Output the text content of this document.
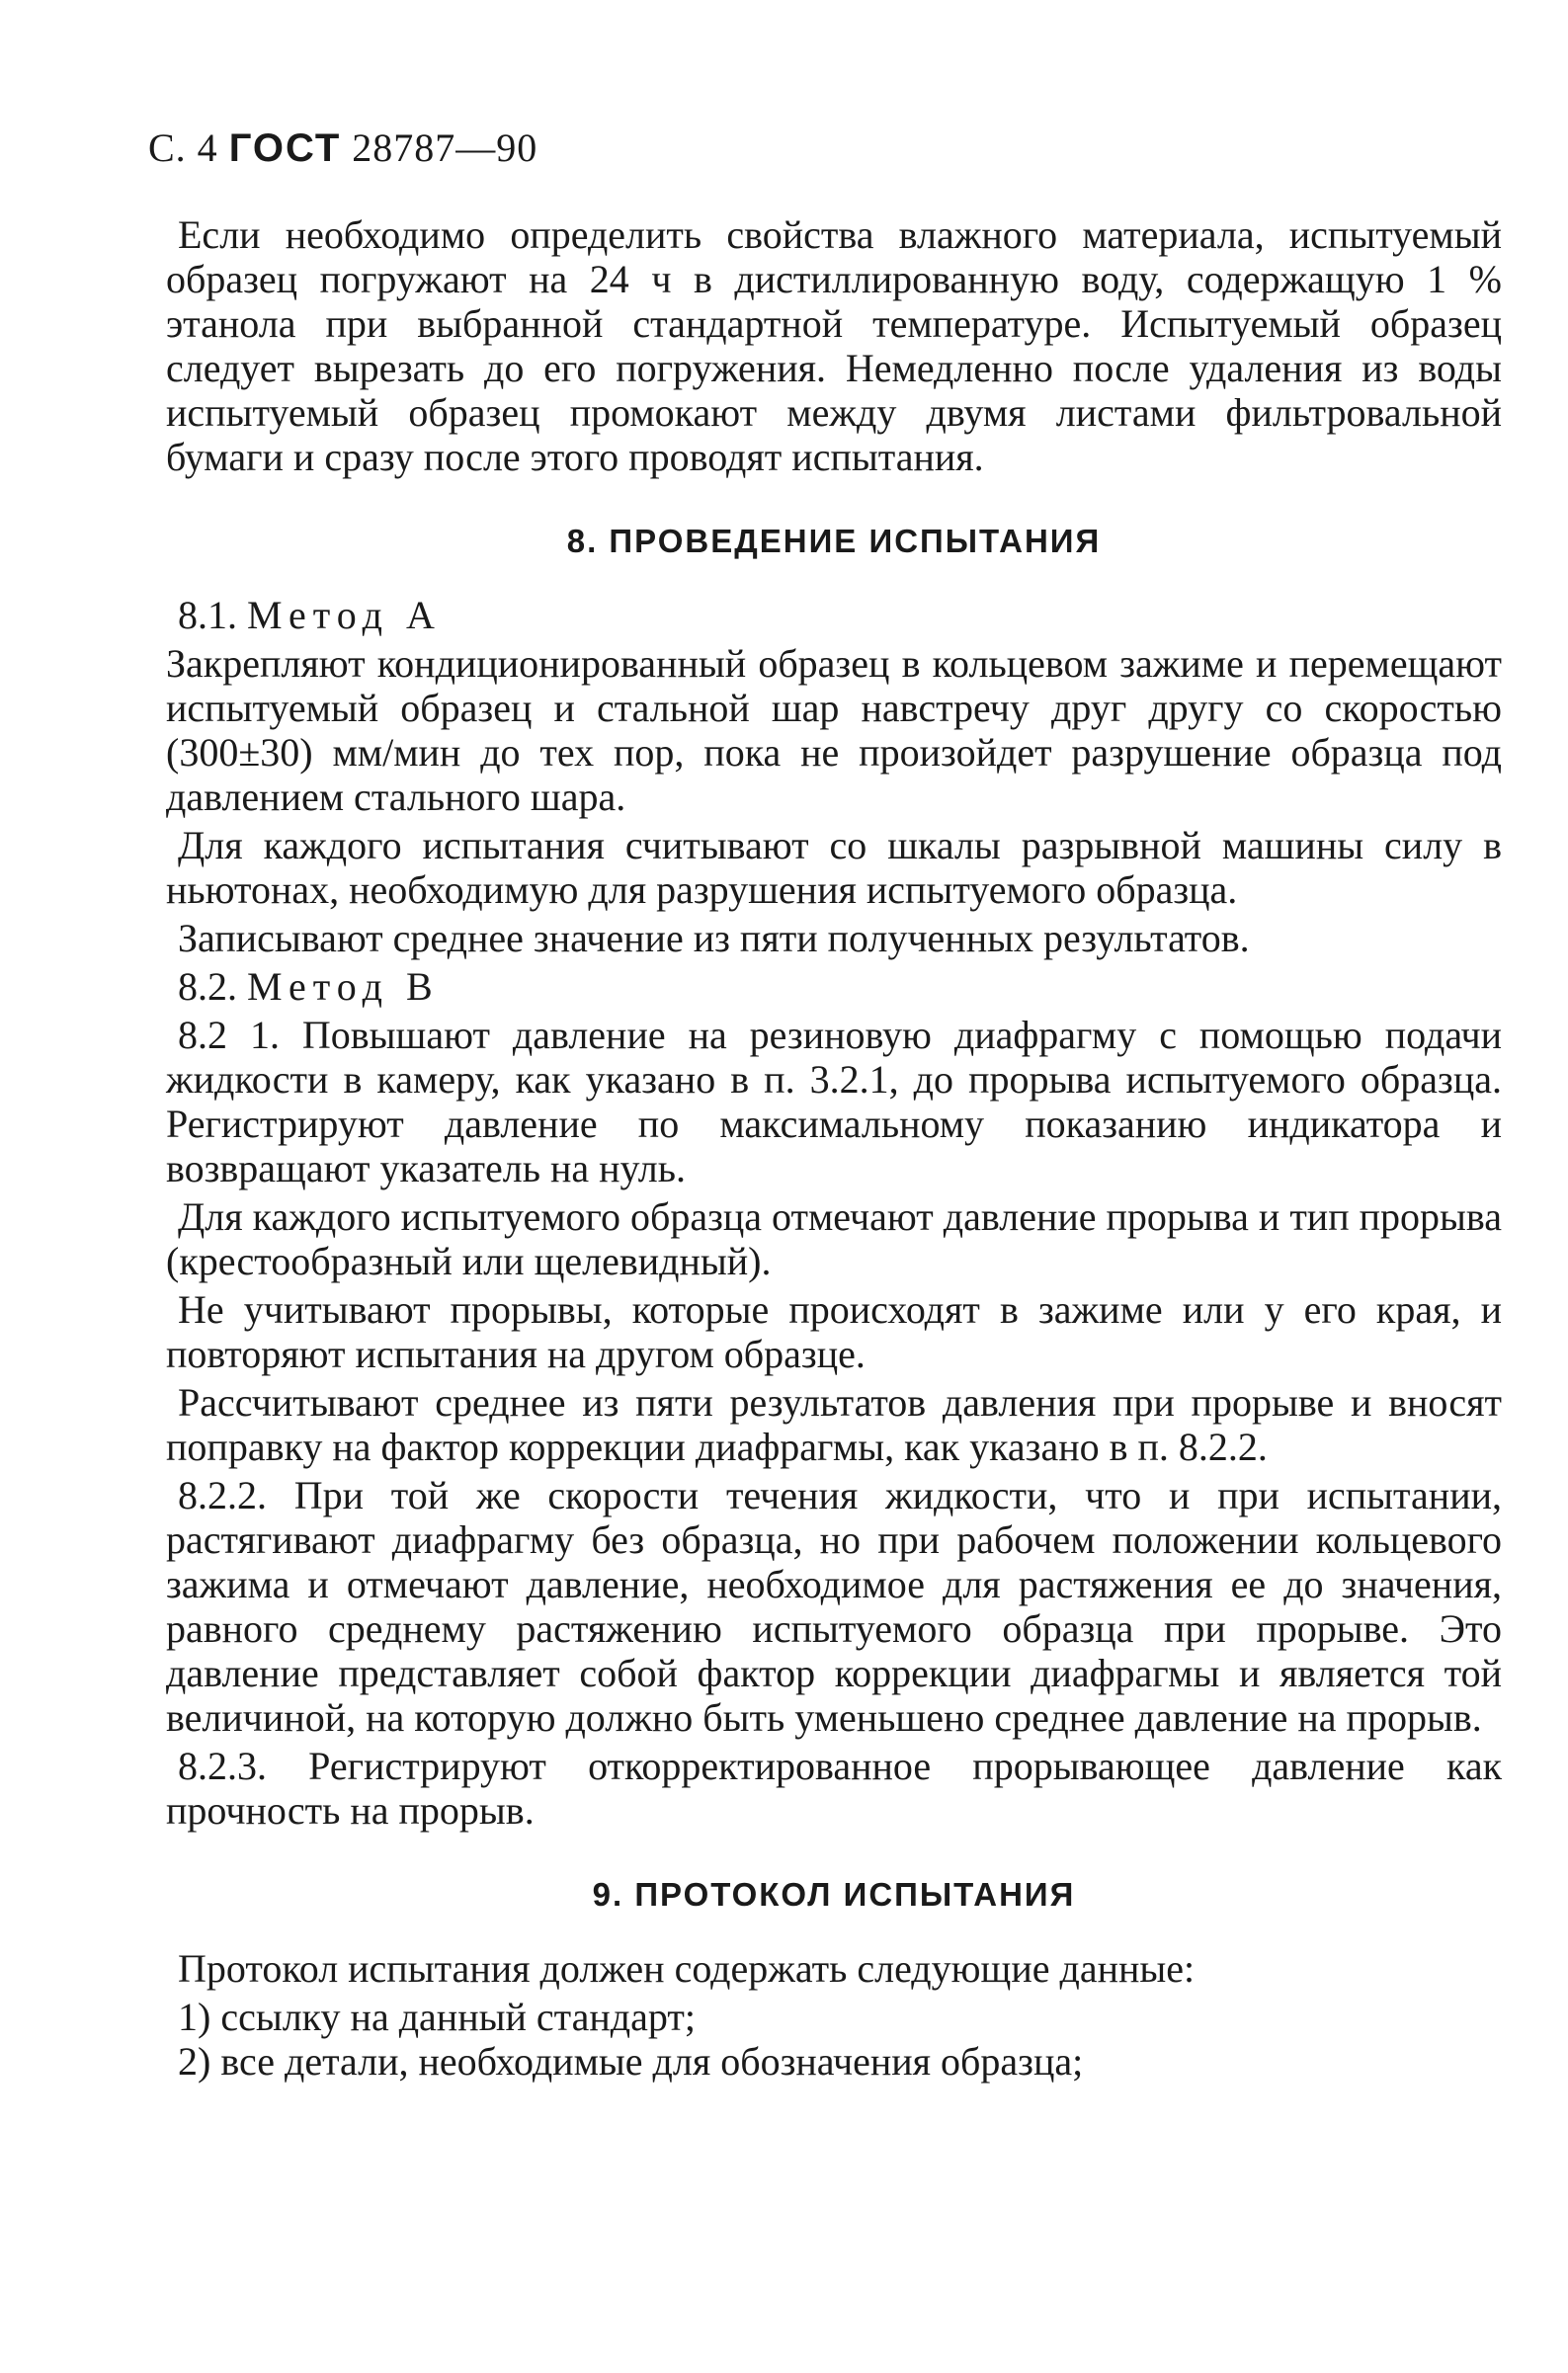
С. 4 ГОСТ 28787—90

Если необходимо определить свойства влажного материала, испытуемый образец погружают на 24 ч в дистиллированную воду, содержащую 1 % этанола при выбранной стандартной температуре. Испытуемый образец следует вырезать до его погружения. Немедленно после удаления из воды испытуемый образец промокают между двумя листами фильтровальной бумаги и сразу после этого проводят испытания.

8. ПРОВЕДЕНИЕ ИСПЫТАНИЯ

8.1. Метод А

Закрепляют кондиционированный образец в кольцевом зажиме и перемещают испытуемый образец и стальной шар навстречу друг другу со скоростью (300±30) мм/мин до тех пор, пока не произойдет разрушение образца под давлением стального шара.

Для каждого испытания считывают со шкалы разрывной машины силу в ньютонах, необходимую для разрушения испытуемого образца.

Записывают среднее значение из пяти полученных результатов.

8.2. Метод В

8.2 1. Повышают давление на резиновую диафрагму с помощью подачи жидкости в камеру, как указано в п. 3.2.1, до прорыва испытуемого образца. Регистрируют давление по максимальному показанию индикатора и возвращают указатель на нуль.

Для каждого испытуемого образца отмечают давление прорыва и тип прорыва (крестообразный или щелевидный).

Не учитывают прорывы, которые происходят в зажиме или у его края, и повторяют испытания на другом образце.

Рассчитывают среднее из пяти результатов давления при прорыве и вносят поправку на фактор коррекции диафрагмы, как указано в п. 8.2.2.

8.2.2. При той же скорости течения жидкости, что и при испытании, растягивают диафрагму без образца, но при рабочем положении кольцевого зажима и отмечают давление, необходимое для растяжения ее до значения, равного среднему растяжению испытуемого образца при прорыве. Это давление представляет собой фактор коррекции диафрагмы и является той величиной, на которую должно быть уменьшено среднее давление на прорыв.

8.2.3. Регистрируют откорректированное прорывающее давление как прочность на прорыв.

9. ПРОТОКОЛ ИСПЫТАНИЯ

Протокол испытания должен содержать следующие данные:

1) ссылку на данный стандарт;

2) все детали, необходимые для обозначения образца;
